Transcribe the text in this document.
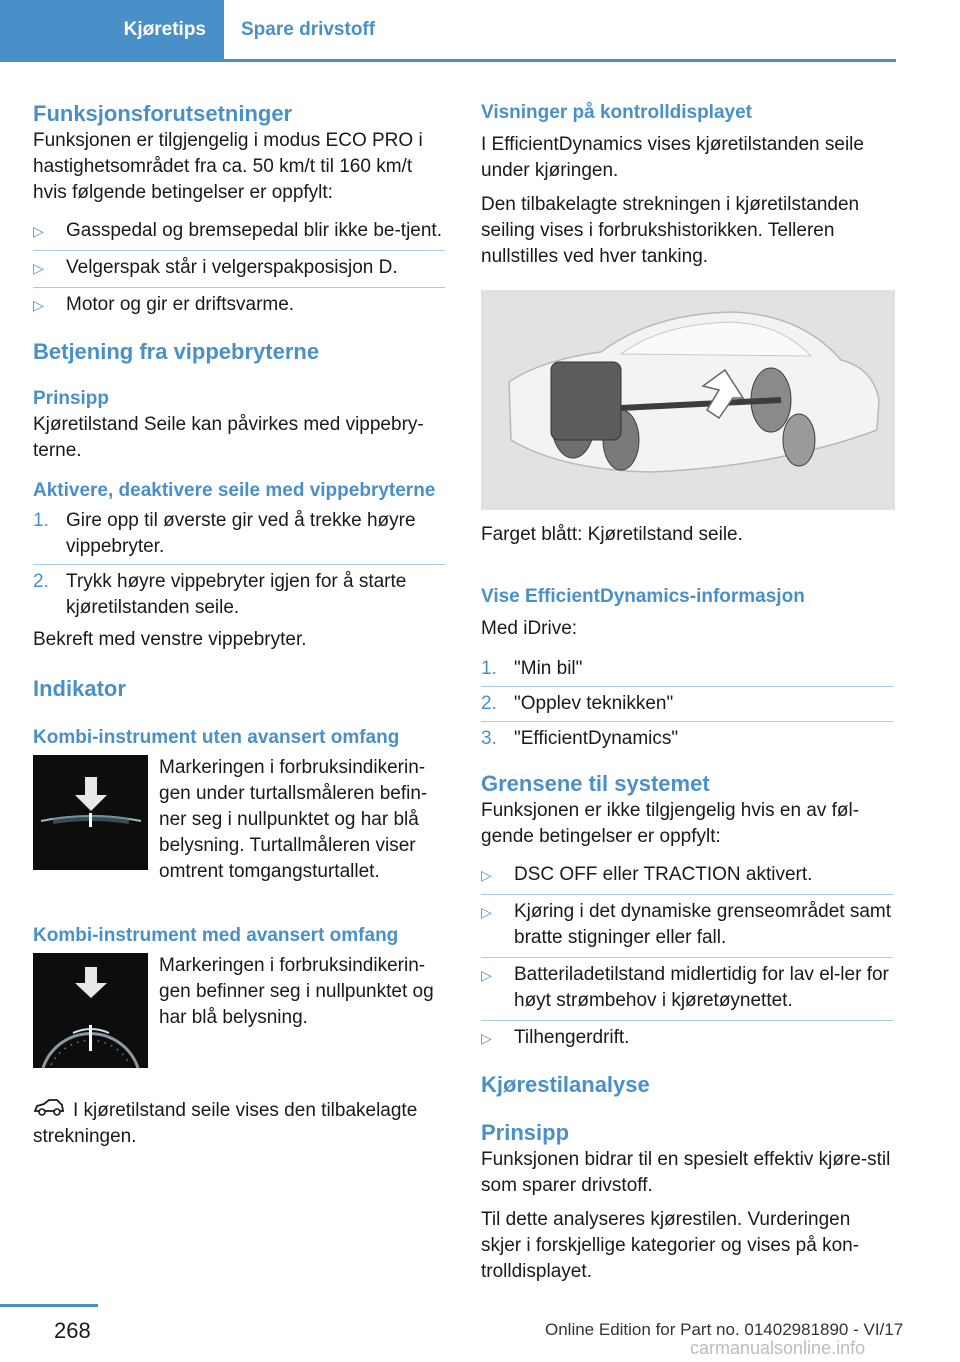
Kjøretips Spare drivstoff
Funksjonsforutsetninger
Funksjonen er tilgjengelig i modus ECO PRO i hastighetsområdet fra ca. 50 km/t til 160 km/t hvis følgende betingelser er oppfylt:
▷ Gasspedal og bremsepedal blir ikke be‐tjent.
▷ Velgerspak står i velgerspakposisjon D.
▷ Motor og gir er driftsvarme.
Betjening fra vippebryterne
Prinsipp
Kjøretilstand Seile kan påvirkes med vippebry‐terne.
Aktivere, deaktivere seile med vippebryterne
1. Gire opp til øverste gir ved å trekke høyre vippebryter.
2. Trykk høyre vippebryter igjen for å starte kjøretilstanden seile.
Bekreft med venstre vippebryter.
Indikator
Kombi-instrument uten avansert omfang
Markeringen i forbruksindikerin‐gen under turtallsmåleren befin‐ner seg i nullpunktet og har blå belysning. Turtallmåleren viser omtrent tomgangsturtallet.
Kombi-instrument med avansert omfang
Markeringen i forbruksindikerin‐gen befinner seg i nullpunktet og har blå belysning.
I kjøretilstand seile vises den tilbakelagte strekningen.
Visninger på kontrolldisplayet
I EfficientDynamics vises kjøretilstanden seile under kjøringen.
Den tilbakelagte strekningen i kjøretilstanden seiling vises i forbrukshistorikken. Telleren nullstilles ved hver tanking.
Farget blått: Kjøretilstand seile.
Vise EfficientDynamics-informasjon
Med iDrive:
1. "Min bil"
2. "Opplev teknikken"
3. "EfficientDynamics"
Grensene til systemet
Funksjonen er ikke tilgjengelig hvis en av føl‐gende betingelser er oppfylt:
▷ DSC OFF eller TRACTION aktivert.
▷ Kjøring i det dynamiske grenseområdet samt bratte stigninger eller fall.
▷ Batteriladetilstand midlertidig for lav el‐ler for høyt strømbehov i kjøretøynettet.
▷ Tilhengerdrift.
Kjørestilanalyse
Prinsipp
Funksjonen bidrar til en spesielt effektiv kjøre‐stil som sparer drivstoff.
Til dette analyseres kjørestilen. Vurderingen skjer i forskjellige kategorier og vises på kon‐trolldisplayet.
268	Online Edition for Part no. 01402981890 - VI/17
carmanualsonline.info
